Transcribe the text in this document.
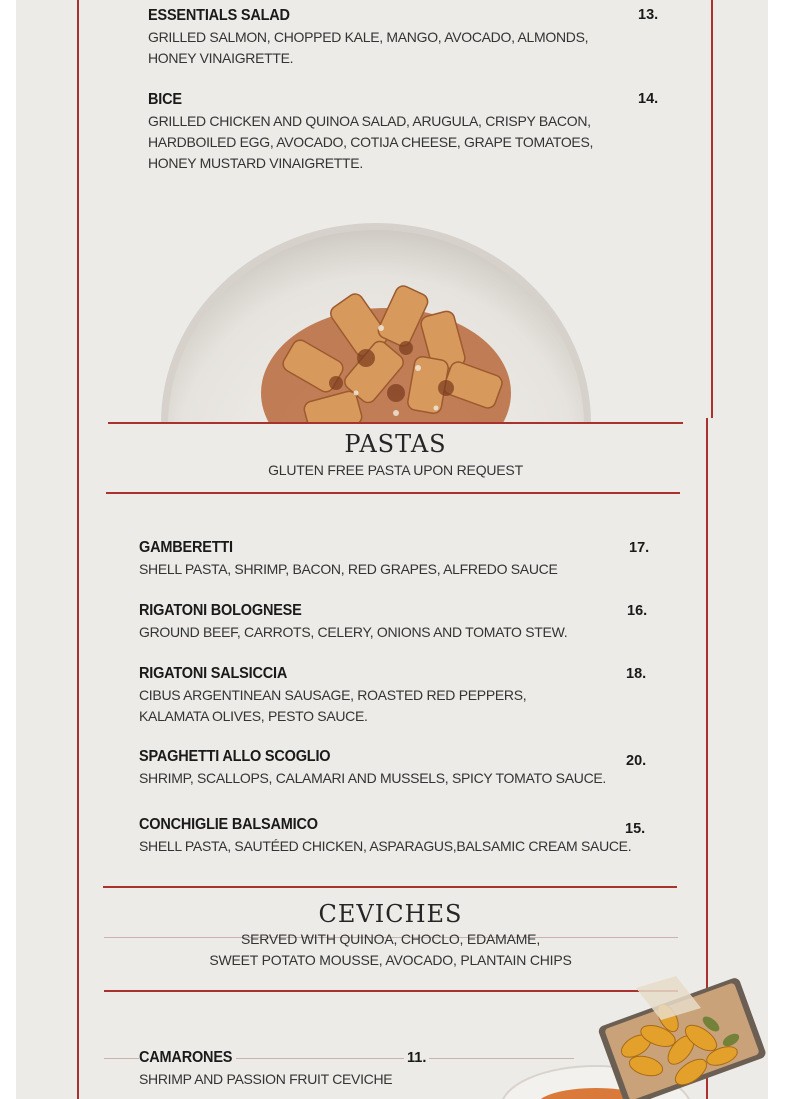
ESSENTIALS SALAD	13.
GRILLED SALMON, CHOPPED KALE, MANGO, AVOCADO, ALMONDS,
HONEY VINAIGRETTE.
BICE	14.
GRILLED CHICKEN AND QUINOA SALAD, ARUGULA, CRISPY BACON,
HARDBOILED EGG, AVOCADO, COTIJA CHEESE, GRAPE TOMATOES,
HONEY MUSTARD VINAIGRETTE.
PASTAS
GLUTEN FREE PASTA UPON REQUEST
GAMBERETTI	17.
SHELL PASTA, SHRIMP, BACON, RED GRAPES, ALFREDO SAUCE
RIGATONI BOLOGNESE	16.
GROUND BEEF, CARROTS, CELERY, ONIONS AND TOMATO STEW.
RIGATONI SALSICCIA	18.
CIBUS ARGENTINEAN SAUSAGE, ROASTED RED PEPPERS,
KALAMATA OLIVES, PESTO SAUCE.
SPAGHETTI ALLO SCOGLIO	20.
SHRIMP, SCALLOPS, CALAMARI AND MUSSELS, SPICY TOMATO SAUCE.
CONCHIGLIE BALSAMICO	15.
SHELL PASTA, SAUTÉED CHICKEN, ASPARAGUS,BALSAMIC CREAM SAUCE.
CEVICHES
SERVED WITH QUINOA, CHOCLO, EDAMAME,
SWEET POTATO MOUSSE, AVOCADO, PLANTAIN CHIPS
CAMARONES	11.
SHRIMP AND PASSION FRUIT CEVICHE
